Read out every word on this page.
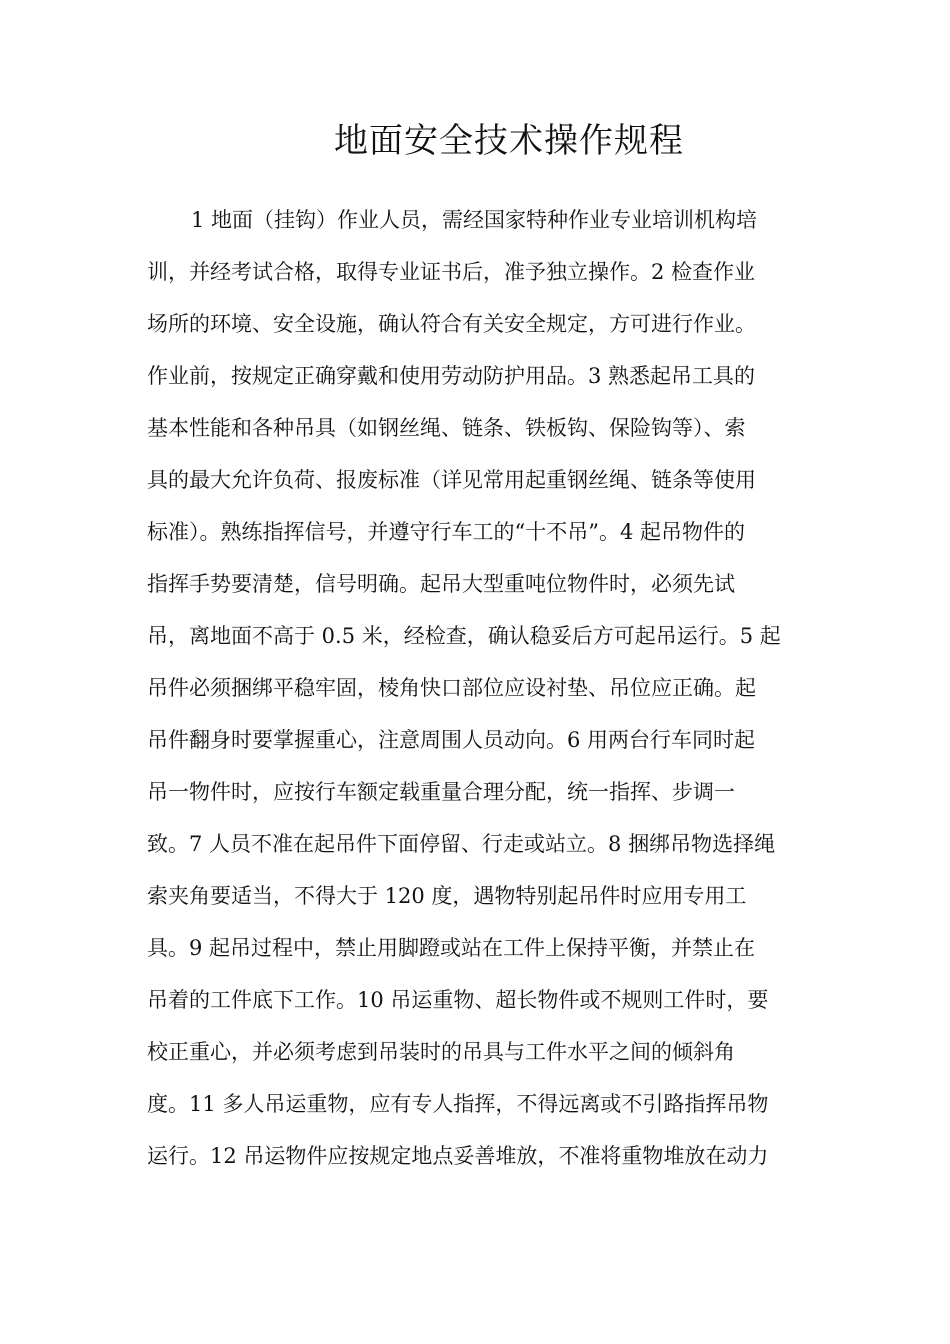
地面安全技术操作规程
1 地面（挂钩）作业人员，需经国家特种作业专业培训机构培
训，并经考试合格，取得专业证书后，准予独立操作。2 检查作业
场所的环境、安全设施，确认符合有关安全规定，方可进行作业。
作业前，按规定正确穿戴和使用劳动防护用品。3 熟悉起吊工具的
基本性能和各种吊具（如钢丝绳、链条、铁板钩、保险钩等）、索
具的最大允许负荷、报废标准（详见常用起重钢丝绳、链条等使用
标准）。熟练指挥信号，并遵守行车工的“十不吊”。4 起吊物件的
指挥手势要清楚，信号明确。起吊大型重吨位物件时，必须先试
吊，离地面不高于 0.5 米，经检查，确认稳妥后方可起吊运行。5 起
吊件必须捆绑平稳牢固，棱角快口部位应设衬垫、吊位应正确。起
吊件翻身时要掌握重心，注意周围人员动向。6 用两台行车同时起
吊一物件时，应按行车额定载重量合理分配，统一指挥、步调一
致。7 人员不准在起吊件下面停留、行走或站立。8 捆绑吊物选择绳
索夹角要适当，不得大于 120 度，遇物特别起吊件时应用专用工
具。9 起吊过程中，禁止用脚蹬或站在工件上保持平衡，并禁止在
吊着的工件底下工作。10 吊运重物、超长物件或不规则工件时，要
校正重心，并必须考虑到吊装时的吊具与工件水平之间的倾斜角
度。11 多人吊运重物，应有专人指挥，不得远离或不引路指挥吊物
运行。12 吊运物件应按规定地点妥善堆放，不准将重物堆放在动力
